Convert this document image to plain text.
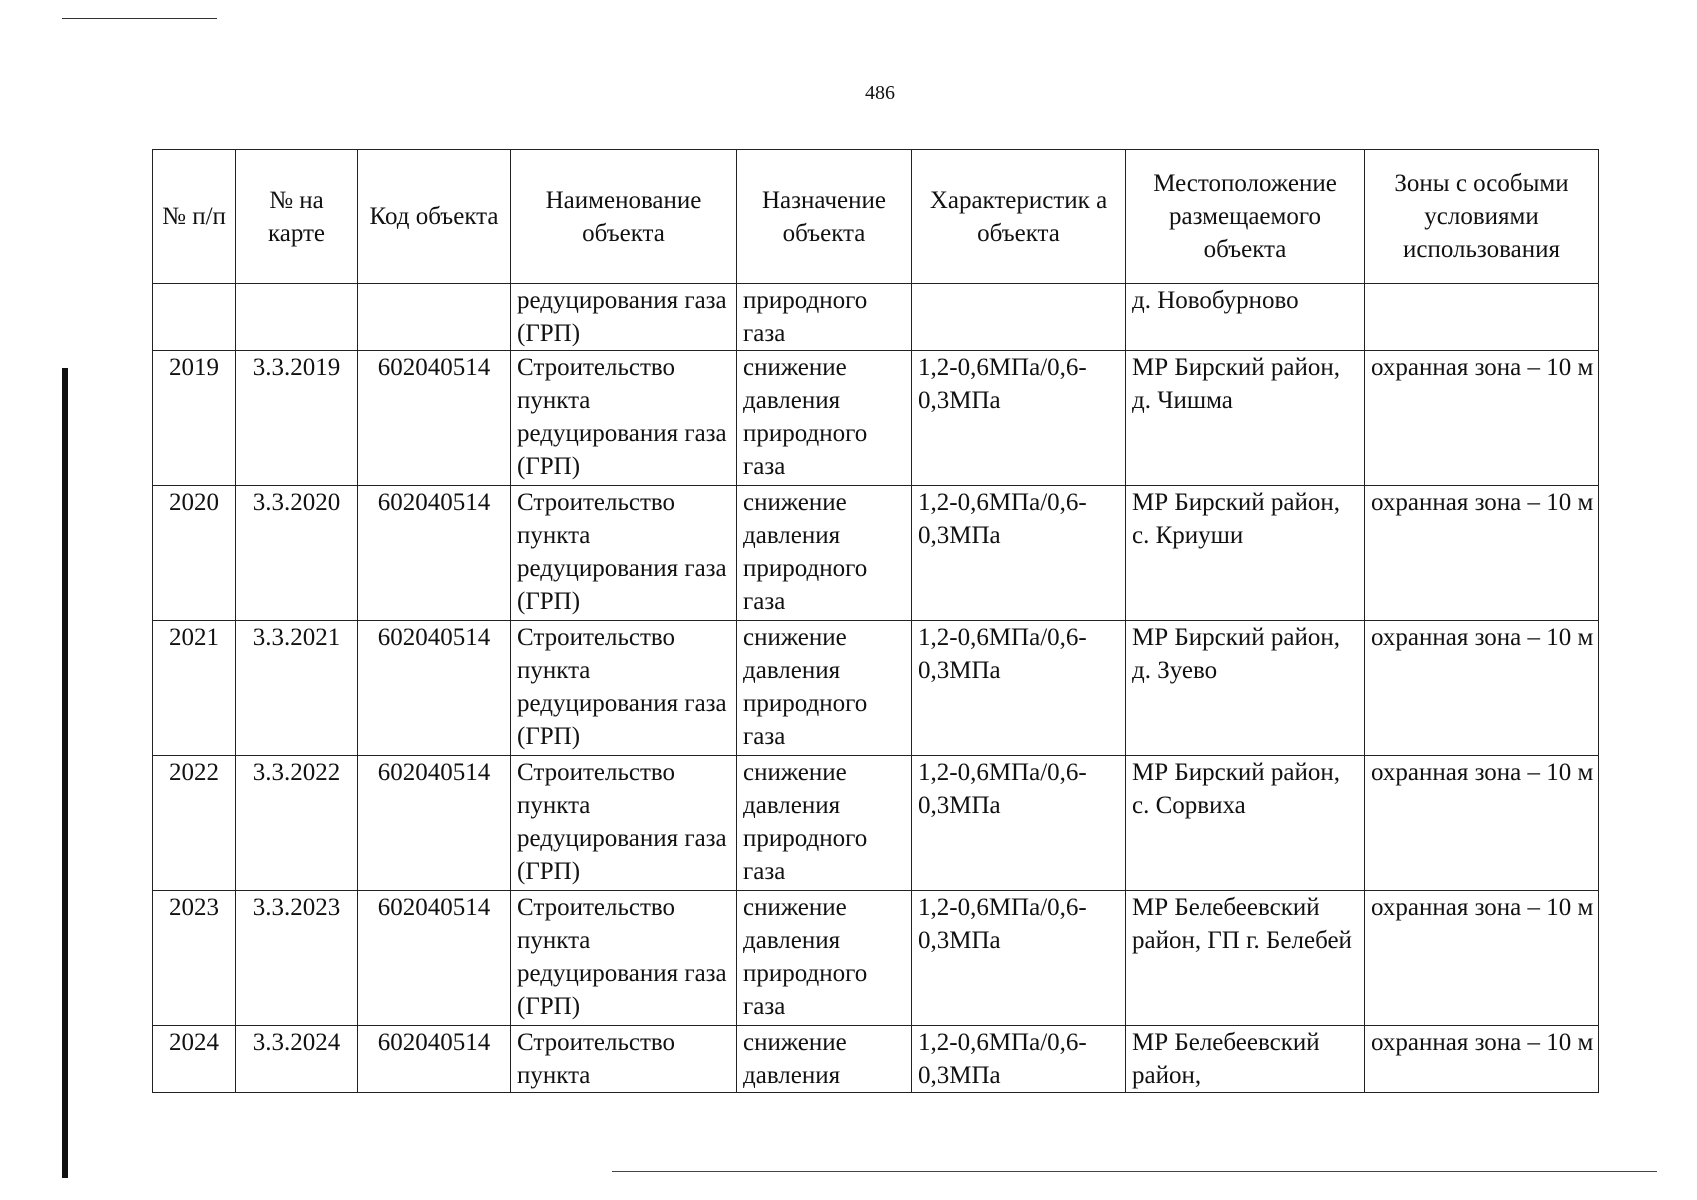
486
№ п/п	№ на карте	Код объекта	Наименование объекта	Назначение объекта	Характеристик а объекта	Местоположение размещаемого объекта	Зоны с особыми условиями использования
			редуцирования газа (ГРП)	природного газа		д. Новобурново	
2019	3.3.2019	602040514	Строительство пункта редуцирования газа (ГРП)	снижение давления природного газа	1,2-0,6МПа/0,6-0,3МПа	МР Бирский район, д. Чишма	охранная зона – 10 м
2020	3.3.2020	602040514	Строительство пункта редуцирования газа (ГРП)	снижение давления природного газа	1,2-0,6МПа/0,6-0,3МПа	МР Бирский район, с. Криуши	охранная зона – 10 м
2021	3.3.2021	602040514	Строительство пункта редуцирования газа (ГРП)	снижение давления природного газа	1,2-0,6МПа/0,6-0,3МПа	МР Бирский район, д. Зуево	охранная зона – 10 м
2022	3.3.2022	602040514	Строительство пункта редуцирования газа (ГРП)	снижение давления природного газа	1,2-0,6МПа/0,6-0,3МПа	МР Бирский район, с. Сорвиха	охранная зона – 10 м
2023	3.3.2023	602040514	Строительство пункта редуцирования газа (ГРП)	снижение давления природного газа	1,2-0,6МПа/0,6-0,3МПа	МР Белебеевский район, ГП г. Белебей	охранная зона – 10 м
2024	3.3.2024	602040514	Строительство пункта	снижение давления	1,2-0,6МПа/0,6-0,3МПа	МР Белебеевский район,	охранная зона – 10 м
